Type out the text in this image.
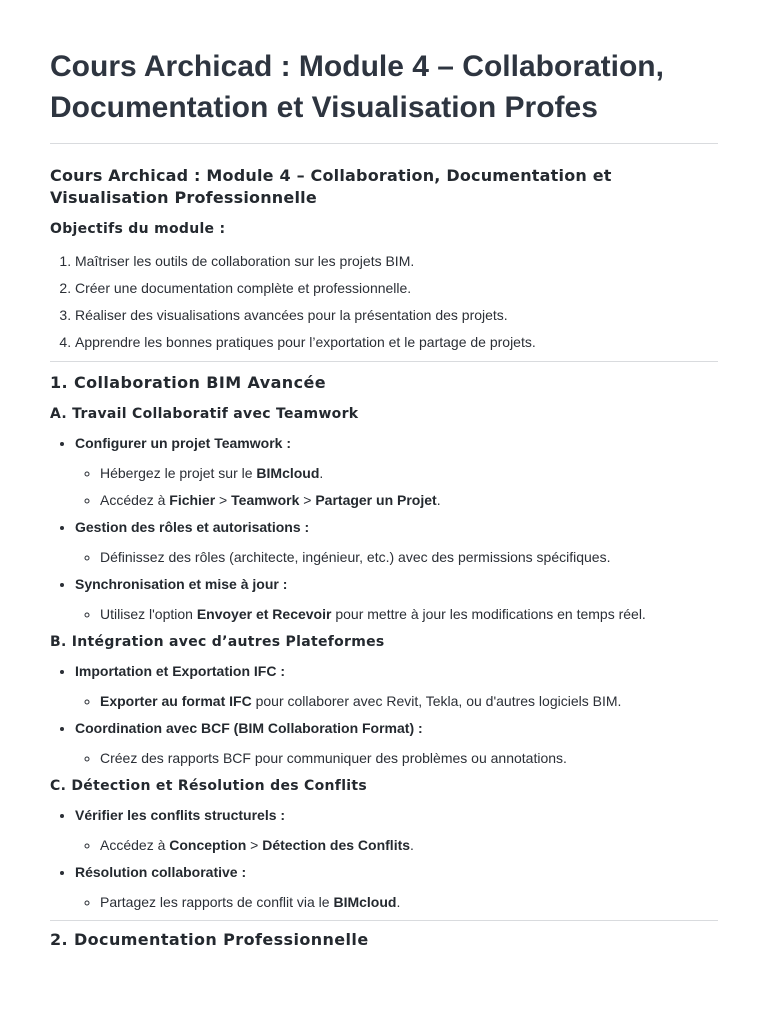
Cours Archicad : Module 4 – Collaboration, Documentation et Visualisation Profes
Cours Archicad : Module 4 – Collaboration, Documentation et Visualisation Professionnelle
Objectifs du module :
1. Maîtriser les outils de collaboration sur les projets BIM.
2. Créer une documentation complète et professionnelle.
3. Réaliser des visualisations avancées pour la présentation des projets.
4. Apprendre les bonnes pratiques pour l’exportation et le partage de projets.
1. Collaboration BIM Avancée
A. Travail Collaboratif avec Teamwork
• Configurer un projet Teamwork :
◦ Hébergez le projet sur le BIMcloud.
◦ Accédez à Fichier > Teamwork > Partager un Projet.
• Gestion des rôles et autorisations :
◦ Définissez des rôles (architecte, ingénieur, etc.) avec des permissions spécifiques.
• Synchronisation et mise à jour :
◦ Utilisez l'option Envoyer et Recevoir pour mettre à jour les modifications en temps réel.
B. Intégration avec d’autres Plateformes
• Importation et Exportation IFC :
◦ Exporter au format IFC pour collaborer avec Revit, Tekla, ou d'autres logiciels BIM.
• Coordination avec BCF (BIM Collaboration Format) :
◦ Créez des rapports BCF pour communiquer des problèmes ou annotations.
C. Détection et Résolution des Conflits
• Vérifier les conflits structurels :
◦ Accédez à Conception > Détection des Conflits.
• Résolution collaborative :
◦ Partagez les rapports de conflit via le BIMcloud.
2. Documentation Professionnelle
